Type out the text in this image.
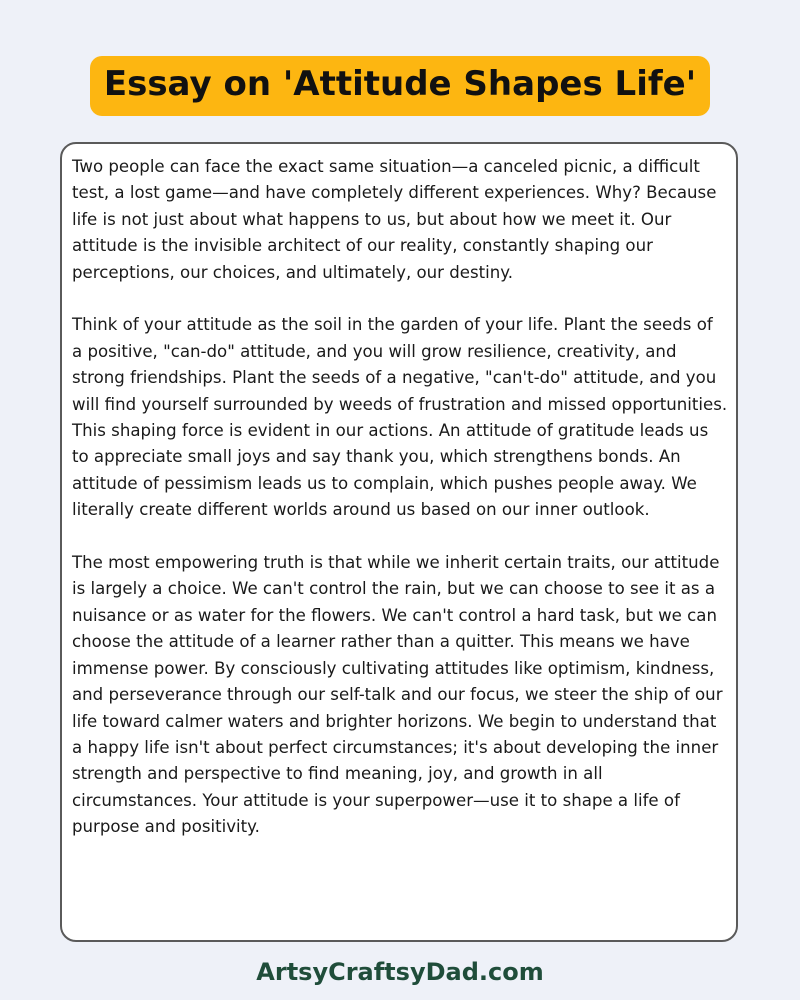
Essay on 'Attitude Shapes Life'

Two people can face the exact same situation—a canceled picnic, a difficult test, a lost game—and have completely different experiences. Why? Because life is not just about what happens to us, but about how we meet it. Our attitude is the invisible architect of our reality, constantly shaping our perceptions, our choices, and ultimately, our destiny.

Think of your attitude as the soil in the garden of your life. Plant the seeds of a positive, "can-do" attitude, and you will grow resilience, creativity, and strong friendships. Plant the seeds of a negative, "can't-do" attitude, and you will find yourself surrounded by weeds of frustration and missed opportunities. This shaping force is evident in our actions. An attitude of gratitude leads us to appreciate small joys and say thank you, which strengthens bonds. An attitude of pessimism leads us to complain, which pushes people away. We literally create different worlds around us based on our inner outlook.

The most empowering truth is that while we inherit certain traits, our attitude is largely a choice. We can't control the rain, but we can choose to see it as a nuisance or as water for the flowers. We can't control a hard task, but we can choose the attitude of a learner rather than a quitter. This means we have immense power. By consciously cultivating attitudes like optimism, kindness, and perseverance through our self-talk and our focus, we steer the ship of our life toward calmer waters and brighter horizons. We begin to understand that a happy life isn't about perfect circumstances; it's about developing the inner strength and perspective to find meaning, joy, and growth in all circumstances. Your attitude is your superpower—use it to shape a life of purpose and positivity.

ArtsyCraftsyDad.com
